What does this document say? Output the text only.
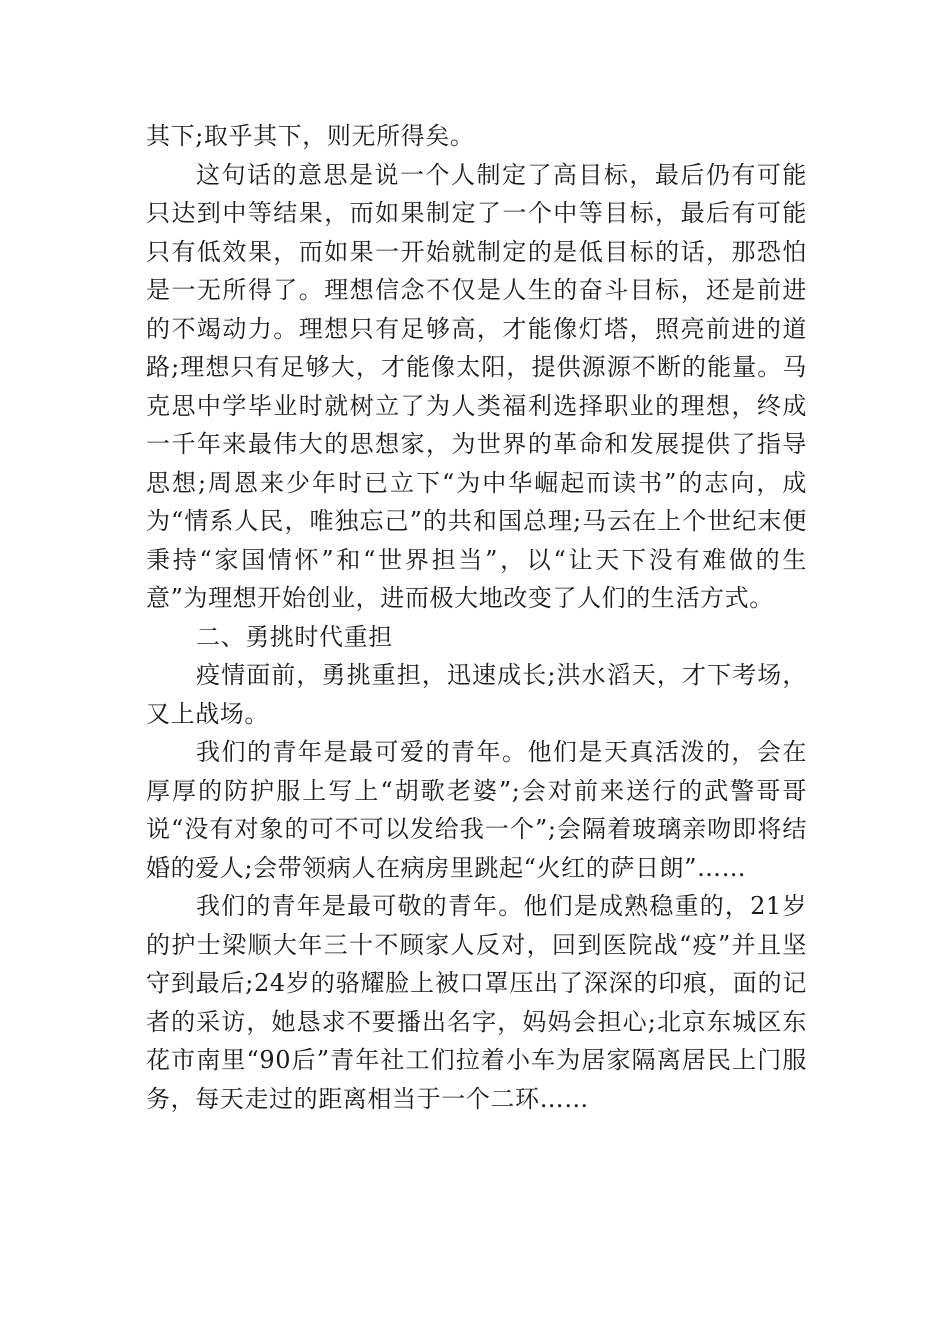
其下;取乎其下，则无所得矣。

这句话的意思是说一个人制定了高目标，最后仍有可能只达到中等结果，而如果制定了一个中等目标，最后有可能只有低效果，而如果一开始就制定的是低目标的话，那恐怕是一无所得了。理想信念不仅是人生的奋斗目标，还是前进的不竭动力。理想只有足够高，才能像灯塔，照亮前进的道路;理想只有足够大，才能像太阳，提供源源不断的能量。马克思中学毕业时就树立了为人类福利选择职业的理想，终成一千年来最伟大的思想家，为世界的革命和发展提供了指导思想;周恩来少年时已立下“为中华崛起而读书”的志向，成为“情系人民，唯独忘己”的共和国总理;马云在上个世纪末便秉持“家国情怀”和“世界担当”，以“让天下没有难做的生意”为理想开始创业，进而极大地改变了人们的生活方式。

二、勇挑时代重担

疫情面前，勇挑重担，迅速成长;洪水滔天，才下考场，又上战场。

我们的青年是最可爱的青年。他们是天真活泼的，会在厚厚的防护服上写上“胡歌老婆”;会对前来送行的武警哥哥说“没有对象的可不可以发给我一个”;会隔着玻璃亲吻即将结婚的爱人;会带领病人在病房里跳起“火红的萨日朗”……

我们的青年是最可敬的青年。他们是成熟稳重的，21岁的护士梁顺大年三十不顾家人反对，回到医院战“疫”并且坚守到最后;24岁的骆耀脸上被口罩压出了深深的印痕，面的记者的采访，她恳求不要播出名字，妈妈会担心;北京东城区东花市南里“90后”青年社工们拉着小车为居家隔离居民上门服务，每天走过的距离相当于一个二环……
